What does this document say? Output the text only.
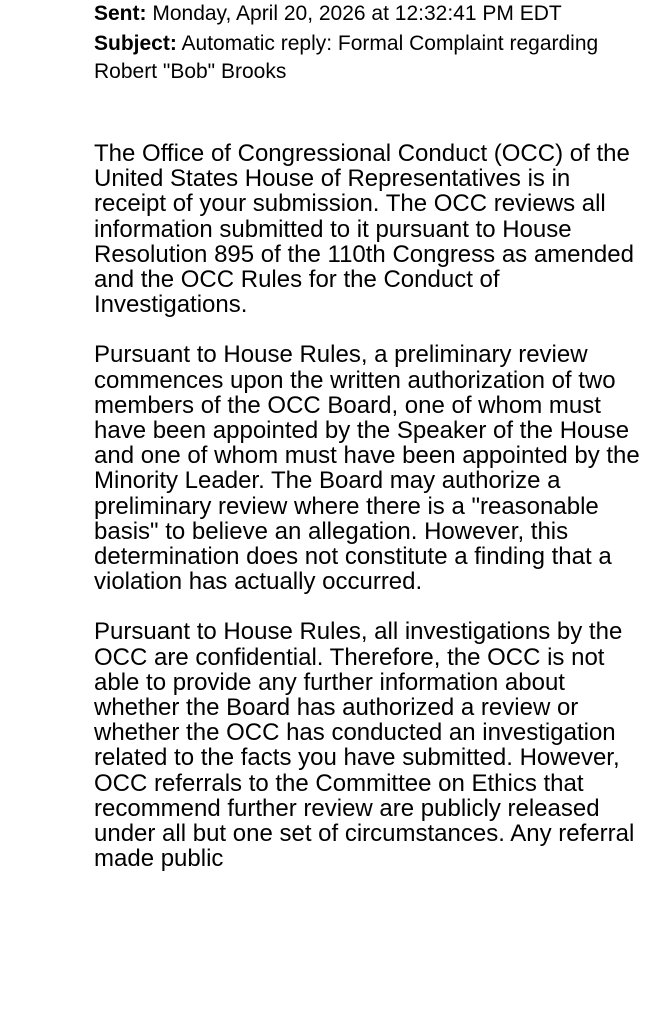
Sent: Monday, April 20, 2026 at 12:32:41 PM EDT
Subject: Automatic reply: Formal Complaint regarding Robert "Bob" Brooks

The Office of Congressional Conduct (OCC) of the United States House of Representatives is in receipt of your submission. The OCC reviews all information submitted to it pursuant to House Resolution 895 of the 110th Congress as amended and the OCC Rules for the Conduct of Investigations.

Pursuant to House Rules, a preliminary review commences upon the written authorization of two members of the OCC Board, one of whom must have been appointed by the Speaker of the House and one of whom must have been appointed by the Minority Leader. The Board may authorize a preliminary review where there is a "reasonable basis" to believe an allegation. However, this determination does not constitute a finding that a violation has actually occurred.

Pursuant to House Rules, all investigations by the OCC are confidential. Therefore, the OCC is not able to provide any further information about whether the Board has authorized a review or whether the OCC has conducted an investigation related to the facts you have submitted. However, OCC referrals to the Committee on Ethics that recommend further review are publicly released under all but one set of circumstances. Any referral made public
